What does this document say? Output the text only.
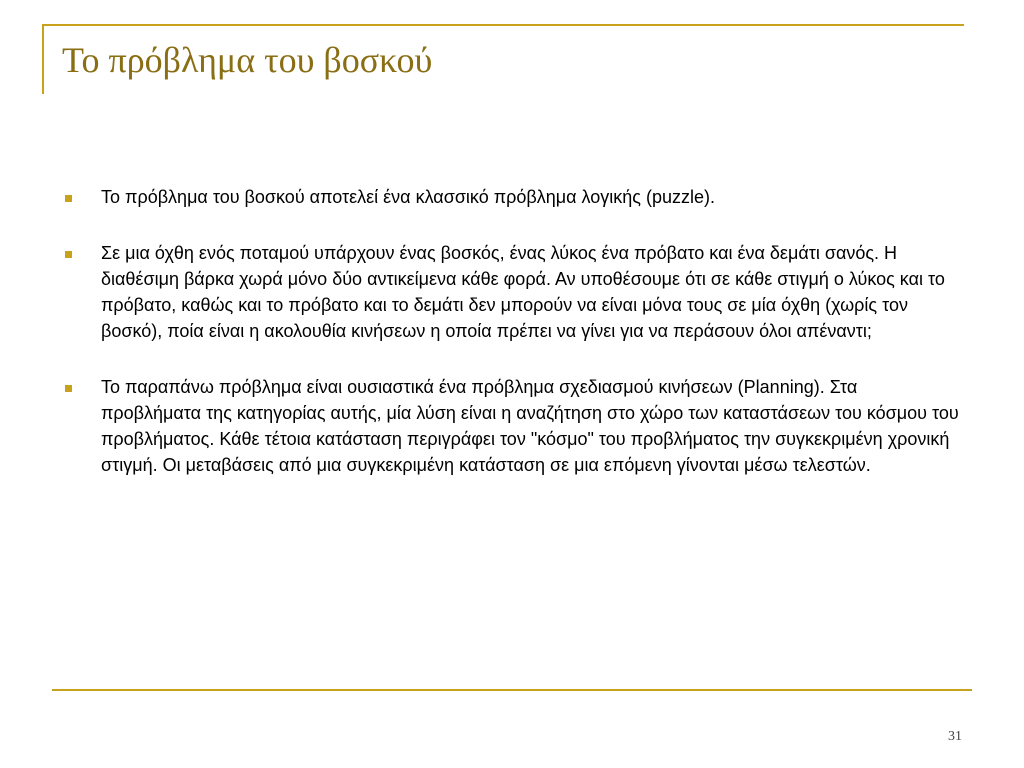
Το πρόβλημα του βοσκού
Το πρόβλημα του βοσκού αποτελεί ένα κλασσικό πρόβλημα λογικής (puzzle).
Σε μια όχθη ενός ποταμού υπάρχουν ένας βοσκός, ένας λύκος ένα πρόβατο και ένα δεμάτι σανός. Η διαθέσιμη βάρκα χωρά μόνο δύο αντικείμενα κάθε φορά. Αν υποθέσουμε ότι σε κάθε στιγμή ο λύκος και το πρόβατο, καθώς και το πρόβατο και το δεμάτι δεν μπορούν να είναι μόνα τους σε μία όχθη (χωρίς τον βοσκό), ποία είναι η ακολουθία κινήσεων η οποία πρέπει να γίνει για να περάσουν όλοι απέναντι;
Το παραπάνω πρόβλημα είναι ουσιαστικά ένα πρόβλημα σχεδιασμού κινήσεων (Planning). Στα προβλήματα της κατηγορίας αυτής, μία λύση είναι η αναζήτηση στο χώρο των καταστάσεων του κόσμου του προβλήματος. Κάθε τέτοια κατάσταση περιγράφει τον "κόσμο" του προβλήματος την συγκεκριμένη χρονική στιγμή. Οι μεταβάσεις από μια συγκεκριμένη κατάσταση σε μια επόμενη γίνονται μέσω τελεστών.
31
